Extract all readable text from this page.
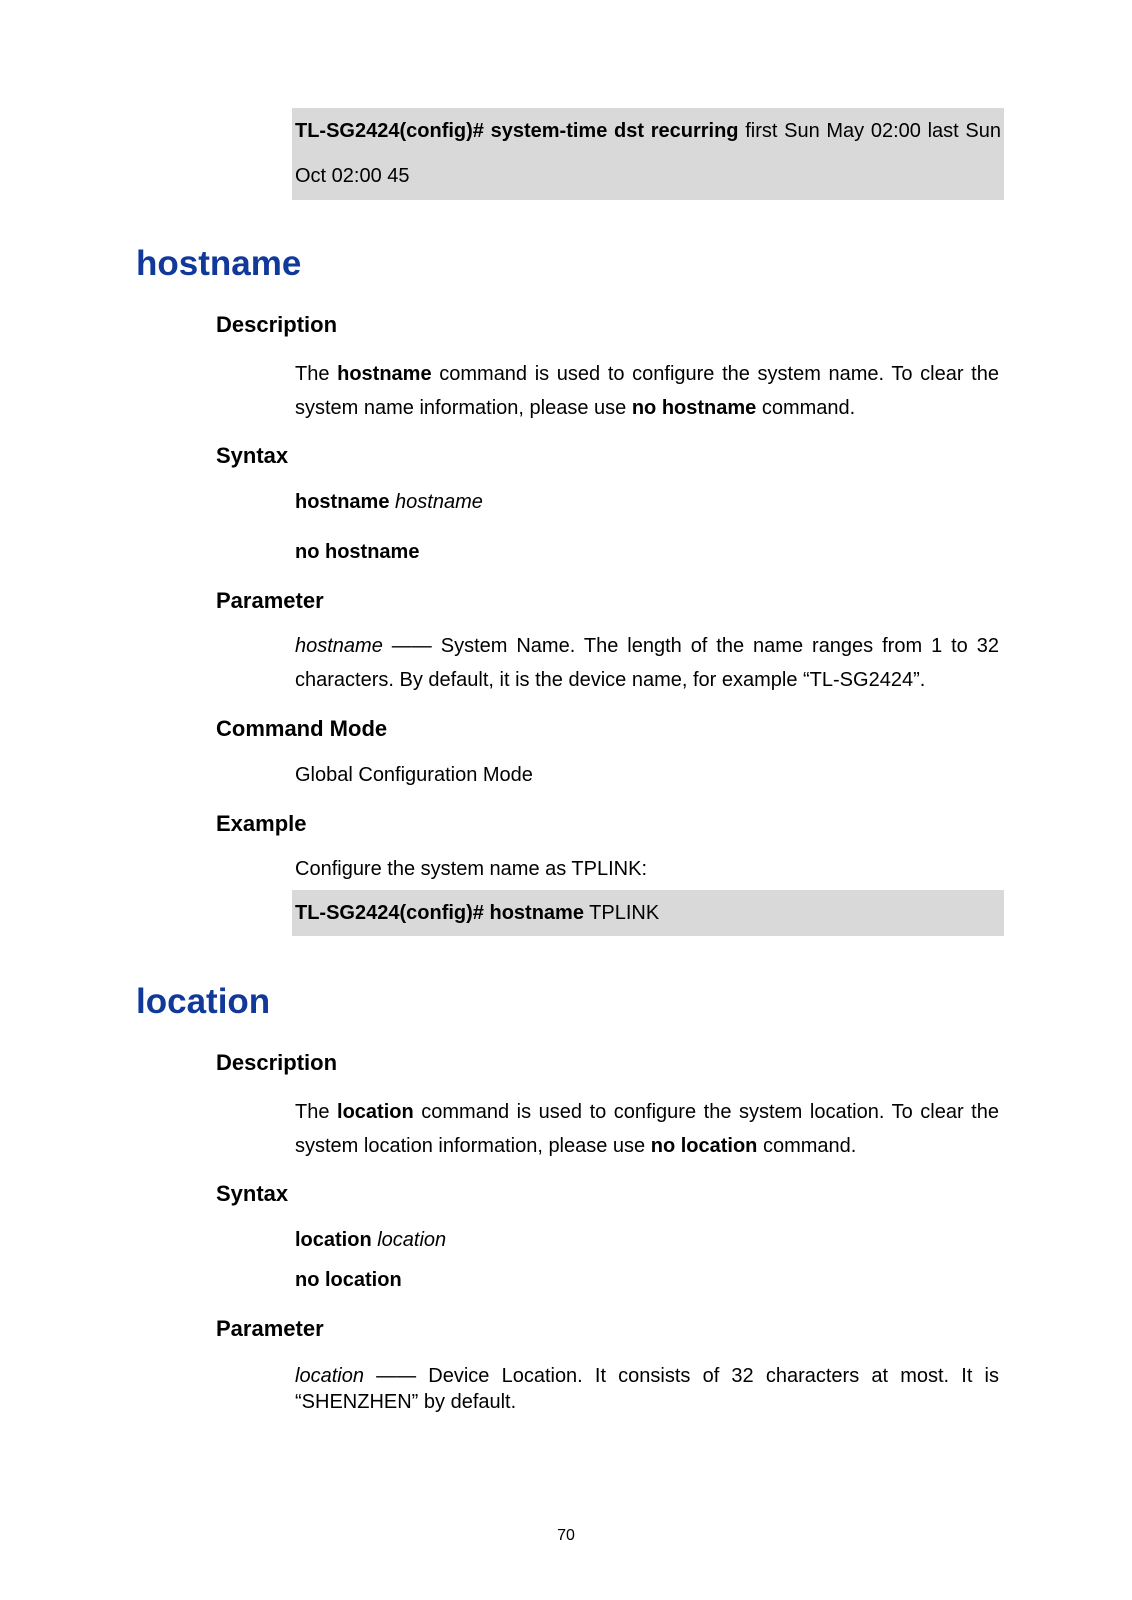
TL-SG2424(config)# system-time dst recurring first Sun May 02:00 last Sun
Oct 02:00 45
hostname
Description
The hostname command is used to configure the system name. To clear the
system name information, please use no hostname command.
Syntax
hostname hostname
no hostname
Parameter
hostname —— System Name. The length of the name ranges from 1 to 32
characters. By default, it is the device name, for example “TL-SG2424”.
Command Mode
Global Configuration Mode
Example
Configure the system name as TPLINK:
TL-SG2424(config)# hostname TPLINK
location
Description
The location command is used to configure the system location. To clear the
system location information, please use no location command.
Syntax
location location
no location
Parameter
location —— Device Location. It consists of 32 characters at most. It is
“SHENZHEN” by default.
70
